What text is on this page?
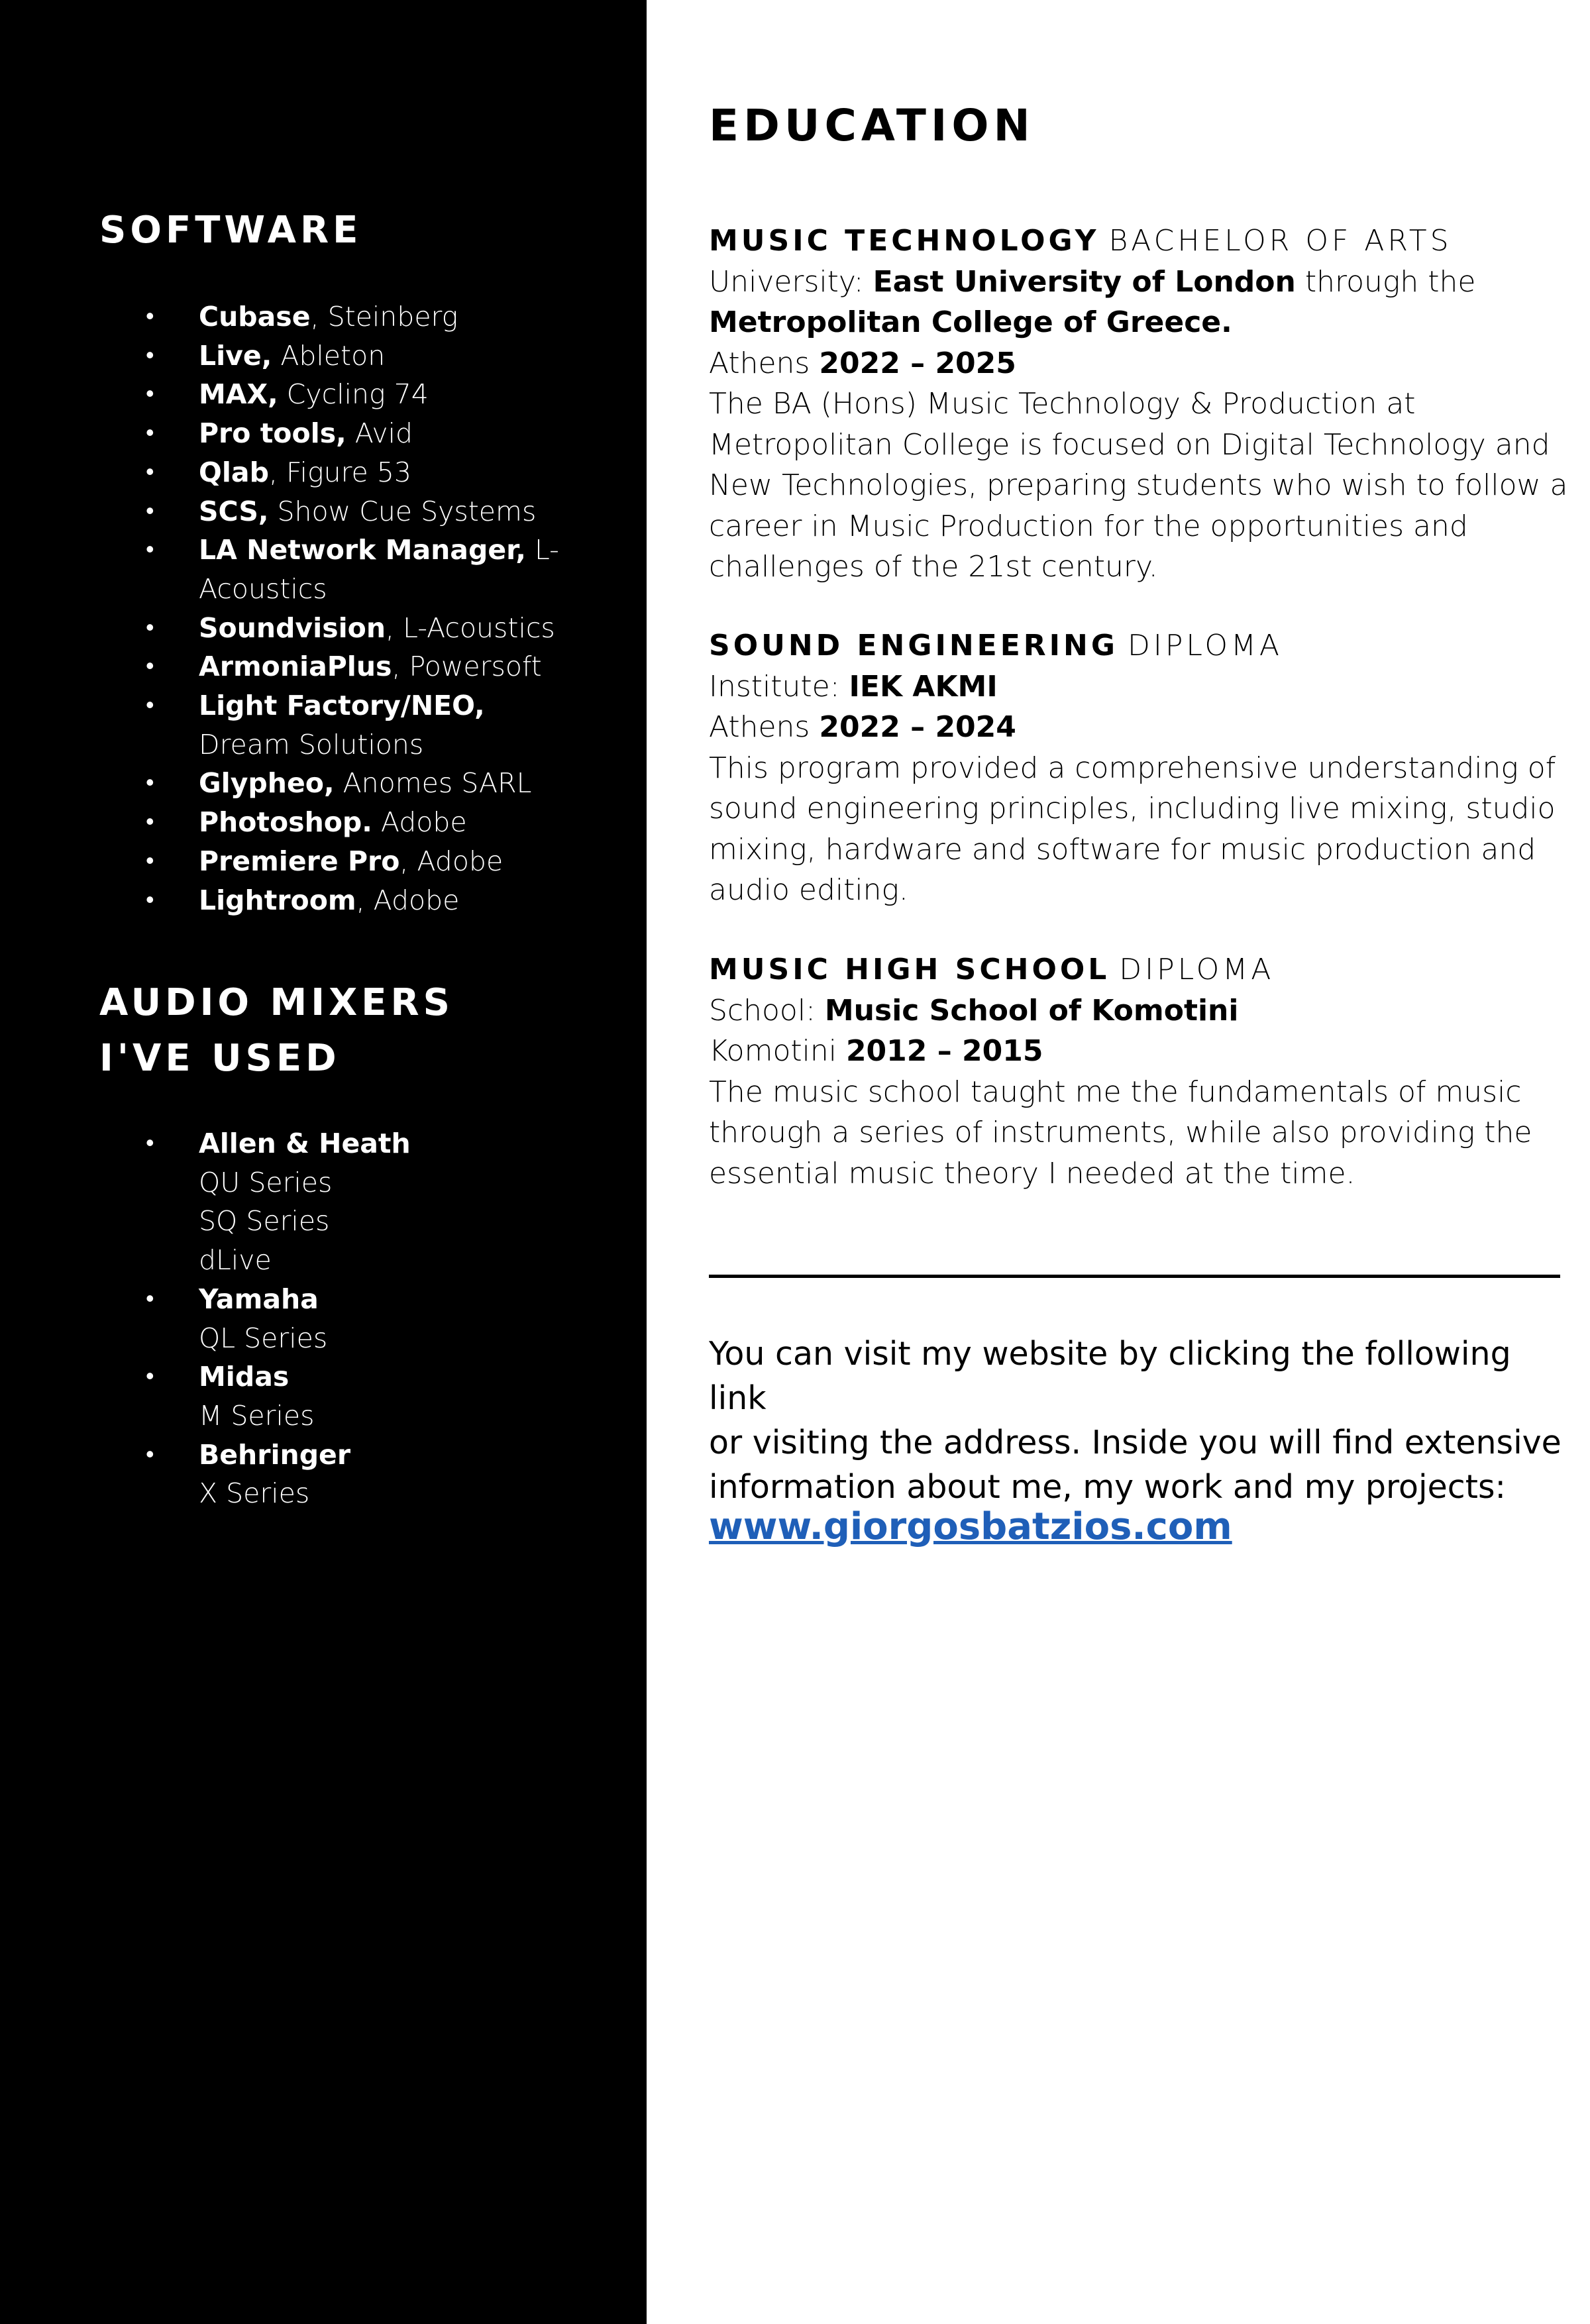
SOFTWARE
• Cubase, Steinberg
• Live, Ableton
• MAX, Cycling 74
• Pro tools, Avid
• Qlab, Figure 53
• SCS, Show Cue Systems
• LA Network Manager, L-Acoustics
• Soundvision, L-Acoustics
• ArmoniaPlus, Powersoft
• Light Factory/NEO, Dream Solutions
• Glypheo, Anomes SARL
• Photoshop. Adobe
• Premiere Pro, Adobe
• Lightroom, Adobe
AUDIO MIXERS I'VE USED
• Allen & Heath
QU Series
SQ Series
dLive
• Yamaha
QL Series
• Midas
M Series
• Behringer
X Series
EDUCATION
MUSIC TECHNOLOGY BACHELOR OF ARTS
University: East University of London through the
Metropolitan College of Greece.
Athens 2022 – 2025
The BA (Hons) Music Technology & Production at
Metropolitan College is focused on Digital Technology and
New Technologies, preparing students who wish to follow a
career in Music Production for the opportunities and
challenges of the 21st century.
SOUND ENGINEERING DIPLOMA
Institute: IEK AKMI
Athens 2022 – 2024
This program provided a comprehensive understanding of
sound engineering principles, including live mixing, studio
mixing, hardware and software for music production and
audio editing.
MUSIC HIGH SCHOOL DIPLOMA
School: Music School of Komotini
Komotini 2012 – 2015
The music school taught me the fundamentals of music
through a series of instruments, while also providing the
essential music theory I needed at the time.
You can visit my website by clicking the following link
or visiting the address. Inside you will find extensive
information about me, my work and my projects:
www.giorgosbatzios.com
